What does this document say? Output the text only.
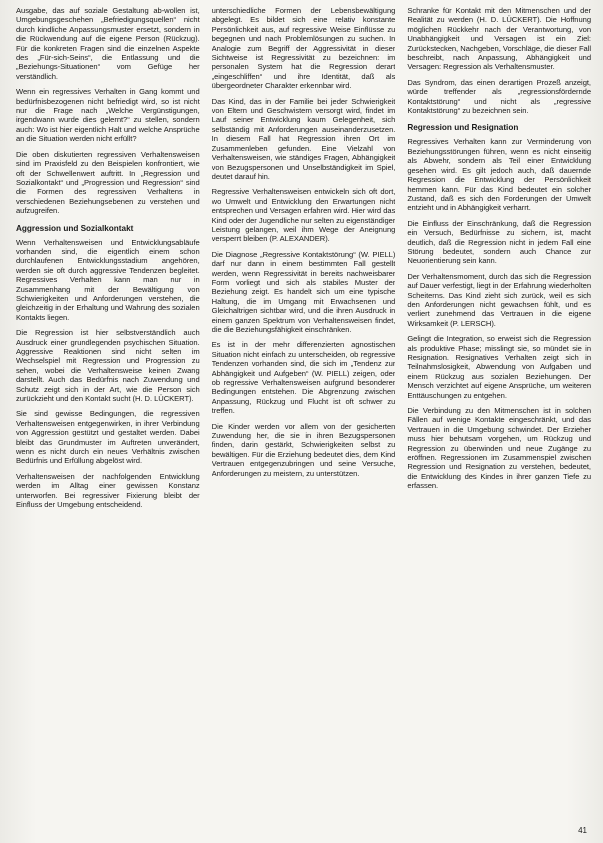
Ausgabe, das auf soziale Gestaltung ab-wollen ist, Umgebungsgeschehen „Befriedigungsquellen“ nicht durch kindliche Anpassungsmuster ersetzt, sondern in die Rückwendung auf die eigene Person (Rückzug). Für die konkreten Fragen sind die einzelnen Aspekte des „Für-sich-Seins“, die Entlassung und die „Beziehungs-Situationen“ vom Gefüge her verständlich.

Wenn ein regressives Verhalten in Gang kommt und bedürfnisbezogenen nicht befriedigt wird, so ist nicht nur die Frage nach „Welche Vergünstigungen, irgendwann wurde dies gelernt?“ zu stellen, sondern auch: Wo ist hier eigentlich Halt und welche Ansprüche an die Situation werden nicht erfüllt?

Die oben diskutierten regressiven Verhaltensweisen sind im Praxisfeld zu den Beispielen konfrontiert, wie oft der Schwellenwert auftritt. In „Regression und Sozialkontakt“ und „Progression und Regression“ sind die Formen des regressiven Verhaltens in verschiedenen Beziehungsebenen zu verstehen und aufzugreifen.

Aggression und Sozialkontakt

Wenn Verhaltensweisen und Entwicklungsabläufe vorhanden sind, die eigentlich einem schon durchlaufenen Entwicklungsstadium angehören, werden sie oft durch aggressive Tendenzen begleitet. Regressives Verhalten kann man nur in Zusammenhang mit der Bewältigung von Schwierigkeiten und Anforderungen verstehen, die gleichzeitig in der Erhaltung und Wahrung des sozialen Kontakts liegen.

Die Regression ist hier selbstverständlich auch Ausdruck einer grundlegenden psychischen Situation. Aggressive Reaktionen sind nicht selten im Wechselspiel mit Regression und Progression zu sehen, wobei die Verhaltensweise keinen Zwang darstellt. Auch das Bedürfnis nach Zuwendung und Schutz zeigt sich in der Art, wie die Person sich zurückzieht und den Kontakt sucht (H. D. LÜCKERT).

Sie sind gewisse Bedingungen, die regressiven Verhaltensweisen entgegenwirken, in ihrer Verbindung von Aggression gestützt und gestaltet werden. Dabei bleibt das Grundmuster im Auftreten unverändert, wenn es nicht durch ein neues Verhältnis zwischen Bedürfnis und Erfüllung abgelöst wird.

Verhaltensweisen der nachfolgenden Entwicklung werden im Alltag einer gewissen Konstanz unterworfen. Bei regressiver Fixierung bleibt der Einfluss der Umgebung entscheidend.

unterschiedliche Formen der Lebensbewältigung abgelegt. Es bildet sich eine relativ konstante Persönlichkeit aus, auf regressive Weise Einflüsse zu begegnen und nach Problemlösungen zu suchen. In Analogie zum Begriff der Aggressivität in dieser Sichtweise ist Regressivität zu bezeichnen: im personalen System hat die Regression derart „eingeschliffen“ und ihre Identität, daß als übergeordneter Charakter erkennbar wird.

Das Kind, das in der Familie bei jeder Schwierigkeit von Eltern und Geschwistern versorgt wird, findet im Lauf seiner Entwicklung kaum Gelegenheit, sich selbständig mit Anforderungen auseinanderzusetzen. In diesem Fall hat Regression ihren Ort im Zusammenleben gefunden. Eine Vielzahl von Verhaltensweisen, wie ständiges Fragen, Abhängigkeit von Bezugspersonen und Unselbständigkeit im Spiel, deutet darauf hin.

Regressive Verhaltensweisen entwickeln sich oft dort, wo Umwelt und Entwicklung den Erwartungen nicht entsprechen und Versagen erfahren wird. Hier wird das Kind oder der Jugendliche nur selten zu eigenständiger Leistung gelangen, weil ihm Wege der Aneignung versperrt bleiben (P. ALEXANDER).

Die Diagnose „Regressive Kontaktstörung“ (W. PIELL) darf nur dann in einem bestimmten Fall gestellt werden, wenn Regressivität in bereits nachweisbarer Form vorliegt und sich als stabiles Muster der Beziehung zeigt. Es handelt sich um eine typische Haltung, die im Umgang mit Erwachsenen und Gleichaltrigen sichtbar wird, und die ihren Ausdruck in einem ganzen Spektrum von Verhaltensweisen findet, die die Beziehungsfähigkeit einschränken.

Es ist in der mehr differenzierten agnostischen Situation nicht einfach zu unterscheiden, ob regressive Tendenzen vorhanden sind, die sich im „Tendenz zur Abhängigkeit und Aufgeben“ (W. PIELL) zeigen, oder ob regressive Verhaltensweisen aufgrund besonderer Bedingungen entstehen. Die Abgrenzung zwischen Anpassung, Rückzug und Flucht ist oft schwer zu treffen.

Die Kinder werden vor allem von der gesicherten Zuwendung her, die sie in ihren Bezugspersonen finden, darin gestärkt, Schwierigkeiten selbst zu bewältigen. Für die Erziehung bedeutet dies, dem Kind Vertrauen entgegenzubringen und seine Versuche, Anforderungen zu meistern, zu unterstützen.

Schranke für Kontakt mit den Mitmenschen und der Realität zu werden (H. D. LÜCKERT). Die Hoffnung möglichen Rückkehr nach der Verantwortung, von Unabhängigkeit und Versagen ist ein Ziel: Zurückstecken, Nachgeben, Vorschläge, die dieser Fall beschreibt, nach Anpassung, Abhängigkeit und Versagen: Regression als Verhaltensmuster.

Das Syndrom, das einen derartigen Prozeß anzeigt, würde treffender als „regressionsfördernde Kontaktstörung“ und nicht als „regressive Kontaktstörung“ zu bezeichnen sein.

Regression und Resignation

Regressives Verhalten kann zur Verminderung von Beziehungsstörungen führen, wenn es nicht einseitig als Abwehr, sondern als Teil einer Entwicklung gesehen wird. Es gilt jedoch auch, daß dauernde Regression die Entwicklung der Persönlichkeit hemmen kann. Für das Kind bedeutet ein solcher Zustand, daß es sich den Forderungen der Umwelt entzieht und in Abhängigkeit verharrt.

Die Einfluss der Einschränkung, daß die Regression ein Versuch, Bedürfnisse zu sichern, ist, macht deutlich, daß die Regression nicht in jedem Fall eine Störung bedeutet, sondern auch Chance zur Neuorientierung sein kann.

Der Verhaltensmoment, durch das sich die Regression auf Dauer verfestigt, liegt in der Erfahrung wiederholten Scheiterns. Das Kind zieht sich zurück, weil es sich den Anforderungen nicht gewachsen fühlt, und es verliert zunehmend das Vertrauen in die eigene Wirksamkeit (P. LERSCH).

Gelingt die Integration, so erweist sich die Regression als produktive Phase; misslingt sie, so mündet sie in Resignation. Resignatives Verhalten zeigt sich in Teilnahmslosigkeit, Abwendung von Aufgaben und einem Rückzug aus sozialen Beziehungen. Der Mensch verzichtet auf eigene Ansprüche, um weiteren Enttäuschungen zu entgehen.

Die Verbindung zu den Mitmenschen ist in solchen Fällen auf wenige Kontakte eingeschränkt, und das Vertrauen in die Umgebung schwindet. Der Erzieher muss hier behutsam vorgehen, um Rückzug und Regression zu überwinden und neue Zugänge zu eröffnen. Regressionen im Zusammenspiel zwischen Regression und Resignation zu verstehen, bedeutet, die Entwicklung des Kindes in ihrer ganzen Tiefe zu erfassen.

41
